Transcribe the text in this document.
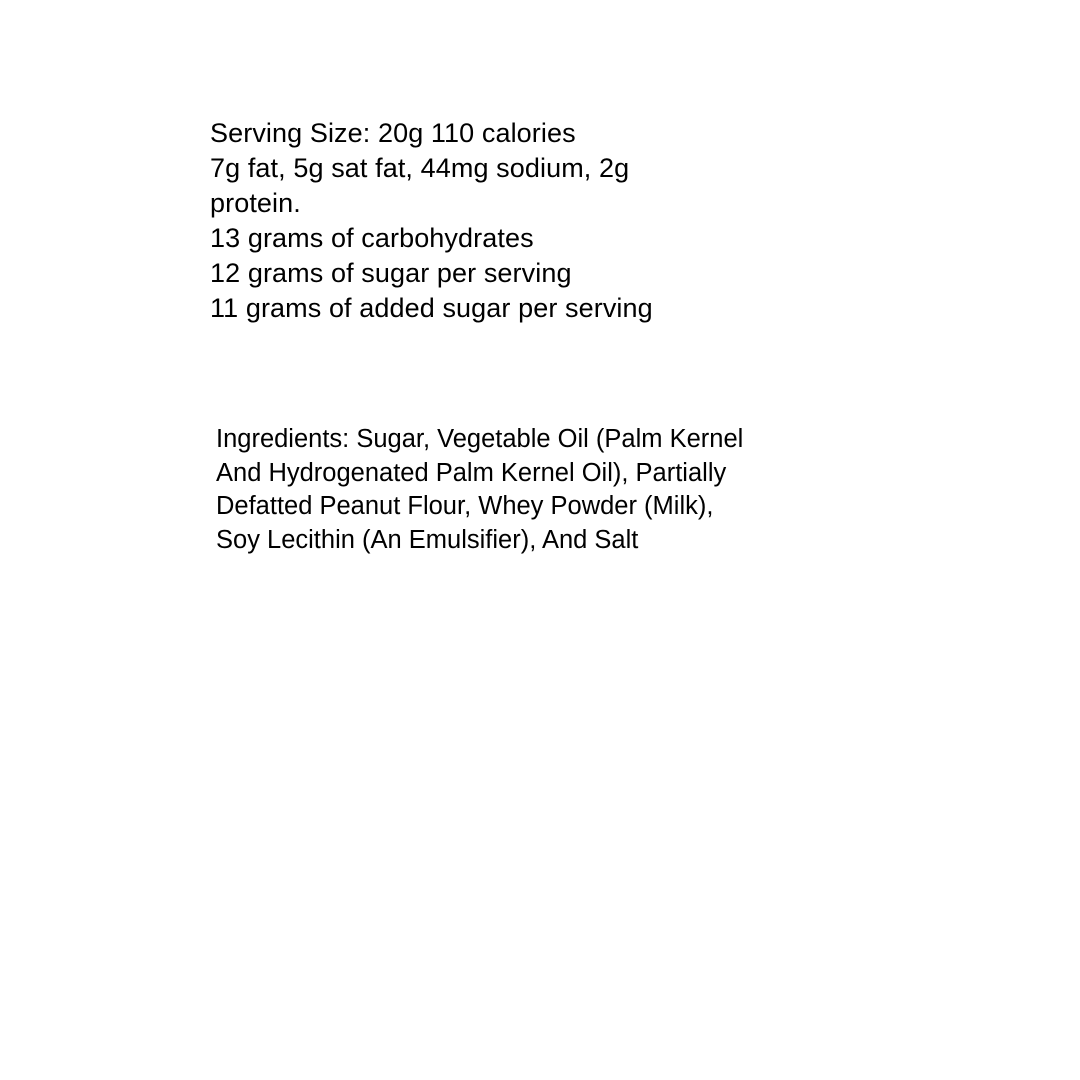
Serving Size: 20g 110 calories
7g fat, 5g sat fat, 44mg sodium, 2g
protein.
13 grams of carbohydrates
12 grams of sugar per serving
11 grams of added sugar per serving
Ingredients: Sugar, Vegetable Oil (Palm Kernel
And Hydrogenated Palm Kernel Oil), Partially
Defatted Peanut Flour, Whey Powder (Milk),
Soy Lecithin (An Emulsifier), And Salt
